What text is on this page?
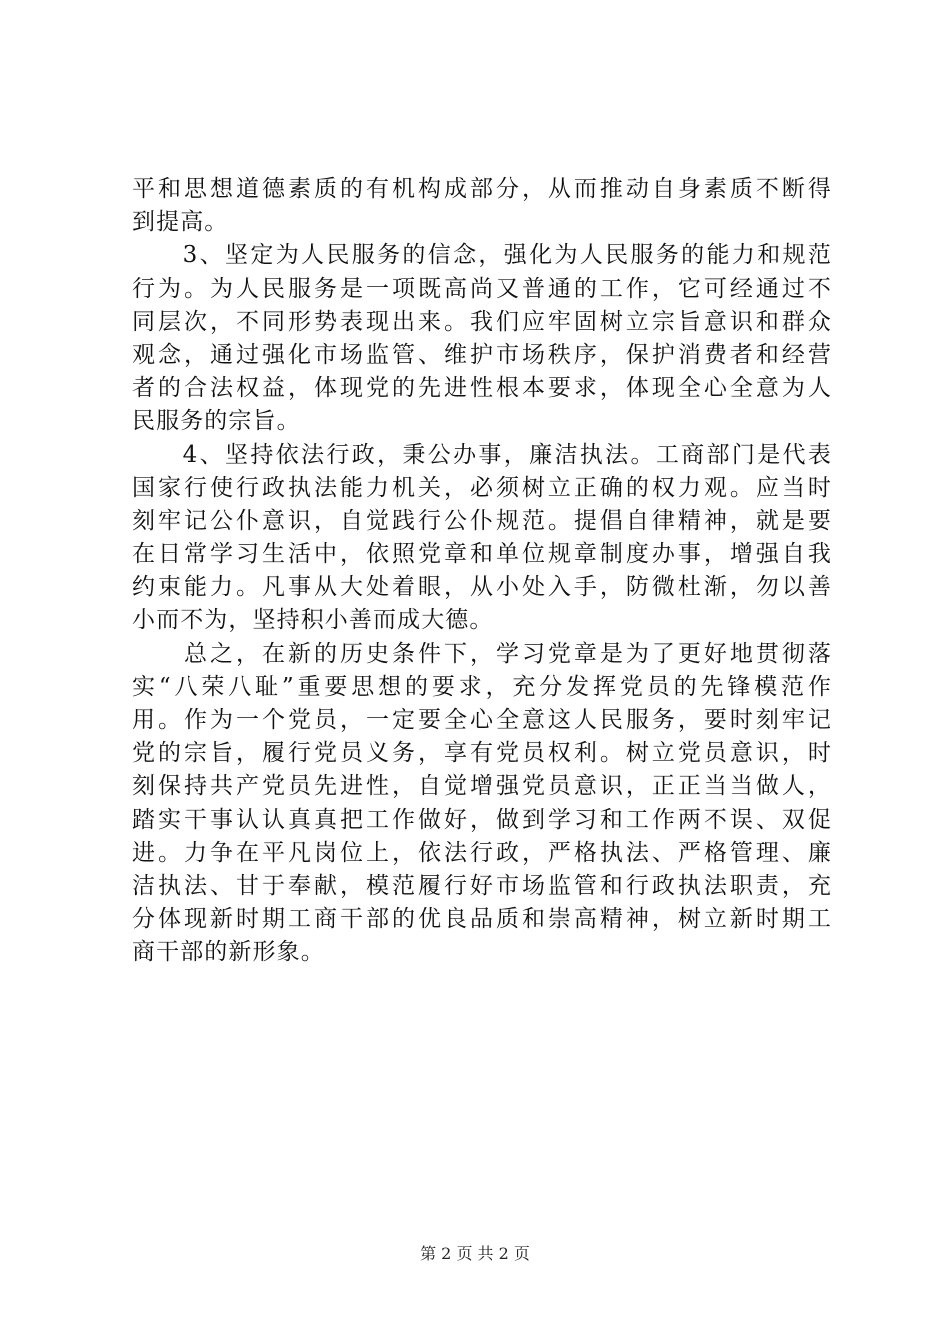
平和思想道德素质的有机构成部分，从而推动自身素质不断得
到提高。
　　3、坚定为人民服务的信念，强化为人民服务的能力和规范
行为。为人民服务是一项既高尚又普通的工作，它可经通过不
同层次，不同形势表现出来。我们应牢固树立宗旨意识和群众
观念，通过强化市场监管、维护市场秩序，保护消费者和经营
者的合法权益，体现党的先进性根本要求，体现全心全意为人
民服务的宗旨。
　　4、坚持依法行政，秉公办事，廉洁执法。工商部门是代表
国家行使行政执法能力机关，必须树立正确的权力观。应当时
刻牢记公仆意识，自觉践行公仆规范。提倡自律精神，就是要
在日常学习生活中，依照党章和单位规章制度办事，增强自我
约束能力。凡事从大处着眼，从小处入手，防微杜渐，勿以善
小而不为，坚持积小善而成大德。
　　总之，在新的历史条件下，学习党章是为了更好地贯彻落
实“八荣八耻”重要思想的要求，充分发挥党员的先锋模范作
用。作为一个党员，一定要全心全意这人民服务，要时刻牢记
党的宗旨，履行党员义务，享有党员权利。树立党员意识，时
刻保持共产党员先进性，自觉增强党员意识，正正当当做人，
踏实干事认认真真把工作做好，做到学习和工作两不误、双促
进。力争在平凡岗位上，依法行政，严格执法、严格管理、廉
洁执法、甘于奉献，模范履行好市场监管和行政执法职责，充
分体现新时期工商干部的优良品质和崇高精神，树立新时期工
商干部的新形象。
第 2 页 共 2 页
